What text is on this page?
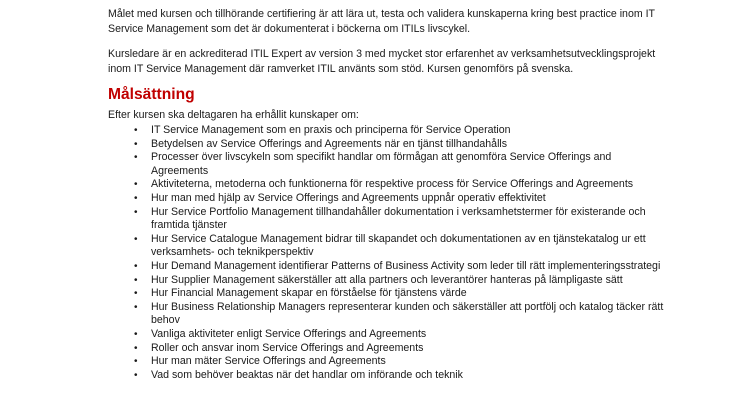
Målet med kursen och tillhörande certifiering är att lära ut, testa och validera kunskaperna kring best practice inom IT Service Management som det är dokumenterat i böckerna om ITILs livscykel.

Kursledare är en ackrediterad ITIL Expert av version 3 med mycket stor erfarenhet av verksamhetsutvecklingsprojekt inom IT Service Management där ramverket ITIL använts som stöd. Kursen genomförs på svenska.

Målsättning

Efter kursen ska deltagaren ha erhållit kunskaper om:

• IT Service Management som en praxis och principerna för Service Operation
• Betydelsen av Service Offerings and Agreements när en tjänst tillhandahålls
• Processer över livscykeln som specifikt handlar om förmågan att genomföra Service Offerings and Agreements
• Aktiviteterna, metoderna och funktionerna för respektive process för Service Offerings and Agreements
• Hur man med hjälp av Service Offerings and Agreements uppnår operativ effektivitet
• Hur Service Portfolio Management tillhandahåller dokumentation i verksamhetstermer för existerande och framtida tjänster
• Hur Service Catalogue Management bidrar till skapandet och dokumentationen av en tjänstekatalog ur ett verksamhets- och teknikperspektiv
• Hur Demand Management identifierar Patterns of Business Activity som leder till rätt implementeringsstrategi
• Hur Supplier Management säkerställer att alla partners och leverantörer hanteras på lämpligaste sätt
• Hur Financial Management skapar en förståelse för tjänstens värde
• Hur Business Relationship Managers representerar kunden och säkerställer att portfölj och katalog täcker rätt behov
• Vanliga aktiviteter enligt Service Offerings and Agreements
• Roller och ansvar inom Service Offerings and Agreements
• Hur man mäter Service Offerings and Agreements
• Vad som behöver beaktas när det handlar om införande och teknik
